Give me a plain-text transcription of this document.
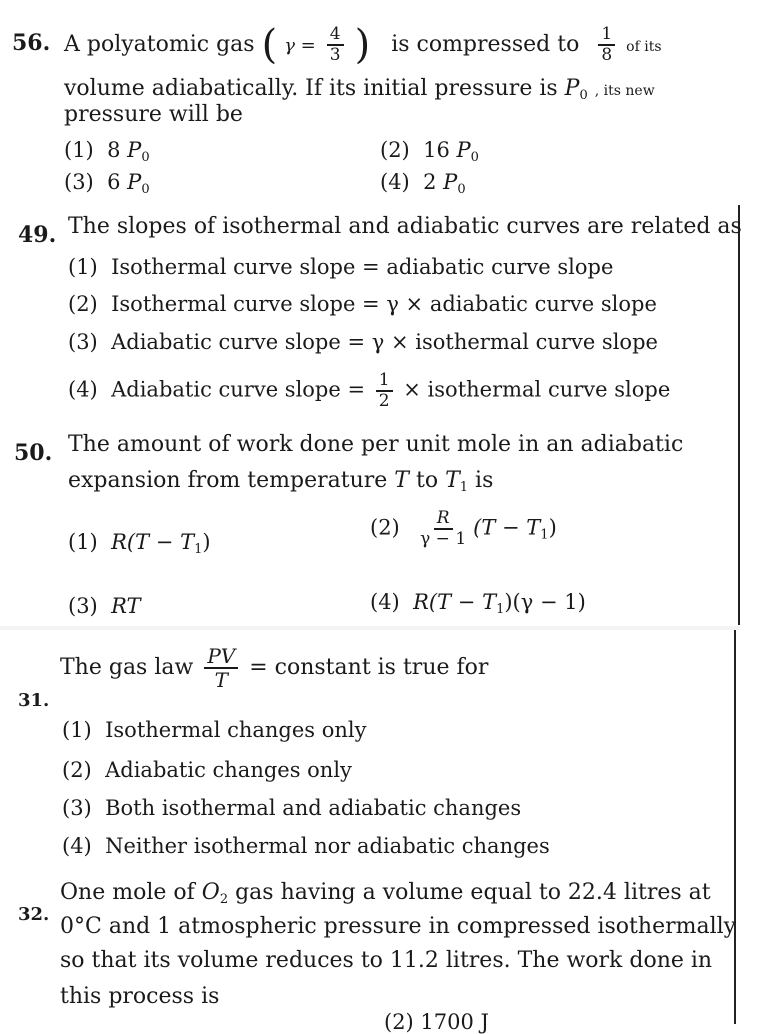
56. A polyatomic gas ( $\gamma = \frac{4}{3}$ ) is compressed to $\frac{1}{8}$ of its
volume adiabatically. If its initial pressure is $P_0$ , its new
pressure will be
(1) 8 $P_0$	(2) 16 $P_0$
(3) 6 $P_0$	(4) 2 $P_0$
49. The slopes of isothermal and adiabatic curves are related as
(1) Isothermal curve slope = adiabatic curve slope
(2) Isothermal curve slope = γ × adiabatic curve slope
(3) Adiabatic curve slope = γ × isothermal curve slope
(4) Adiabatic curve slope = $\frac{1}{2}$ × isothermal curve slope
50. The amount of work done per unit mole in an adiabatic
expansion from temperature T to $T_1$ is
(1) $R(T - T_1)$
$(2) \frac{R}{\gamma - 1} (T - T_1)$
(3) RT	(4) $R(T - T_1)(\gamma - 1)$
31.
The gas law $\frac{PV}{T}$ = constant is true for
(1) Isothermal changes only
(2) Adiabatic changes only
(3) Both isothermal and adiabatic changes
(4) Neither isothermal nor adiabatic changes
32.
One mole of $O_2$ gas having a volume equal to 22.4 litres at
0°C and 1 atmospheric pressure in compressed isothermally
so that its volume reduces to 11.2 litres. The work done in
this process is
(2) 1700 J
